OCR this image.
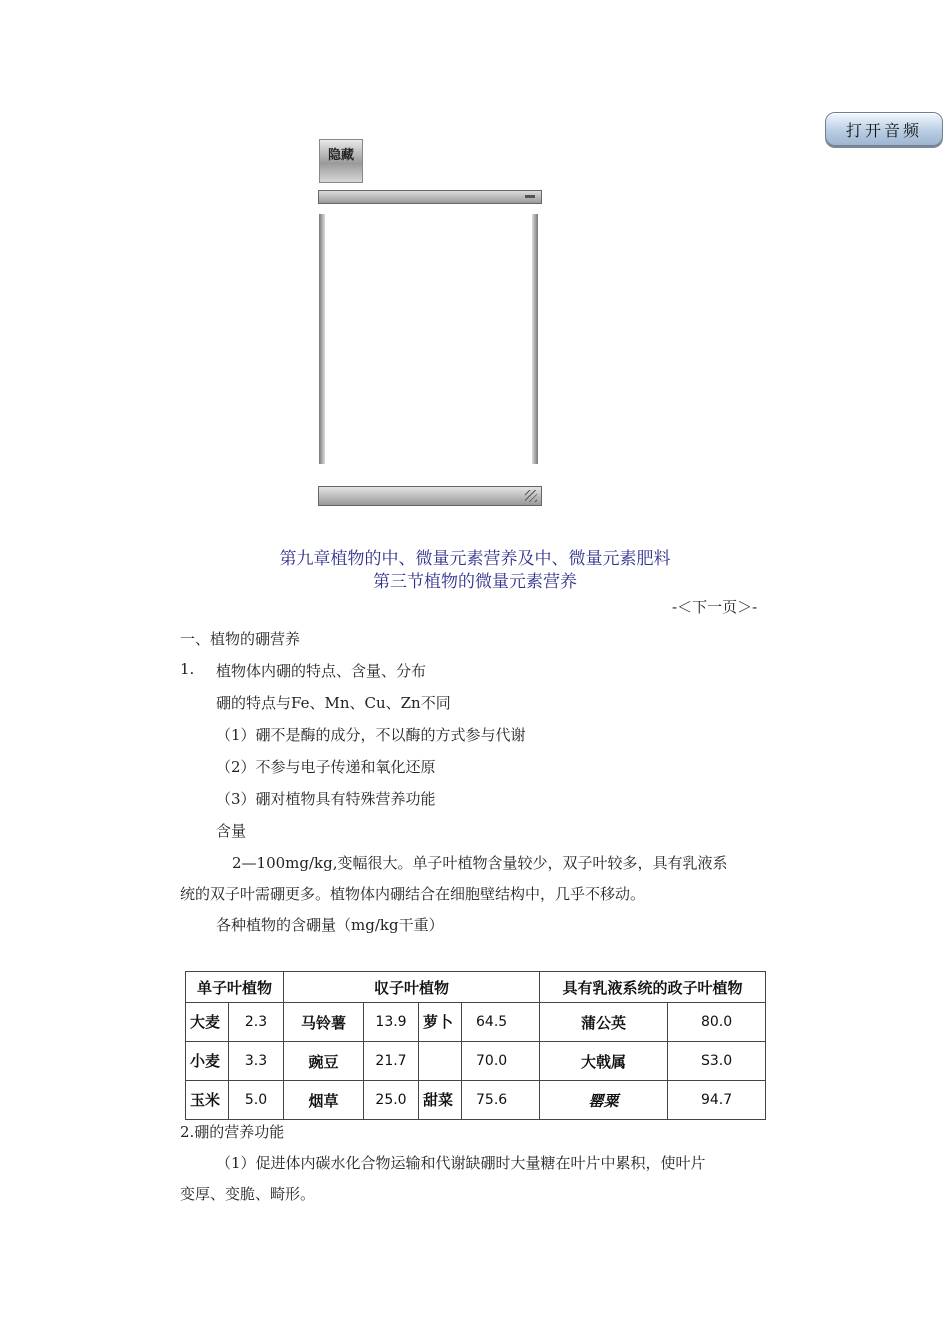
打开音频
隐藏
第九章植物的中、微量元素营养及中、微量元素肥料
第三节植物的微量元素营养
-＜下一页＞-
一、植物的硼营养
1. 植物体内硼的特点、含量、分布
硼的特点与Fe、Mn、Cu、Zn不同
（1）硼不是酶的成分，不以酶的方式参与代谢
（2）不参与电子传递和氧化还原
（3）硼对植物具有特殊营养功能
含量
2—100mg/kg,变幅很大。单子叶植物含量较少，双子叶较多，具有乳液系
统的双子叶需硼更多。植物体内硼结合在细胞壁结构中，几乎不移动。
各种植物的含硼量（mg/kg干重）
单子叶植物		収子叶植物				具有乳液系统的政子叶植物	
大麦	2.3	马铃薯	13.9	萝卜	64.5	蒲公英	80.0
小麦	3.3	豌豆	21.7		70.0	大戟属	S3.0
玉米	5.0	烟草	25.0	甜菜	75.6	罂粟	94.7
2.硼的营养功能
（1）促进体内碳水化合物运输和代谢缺硼时大量糖在叶片中累积，使叶片
变厚、变脆、畸形。
